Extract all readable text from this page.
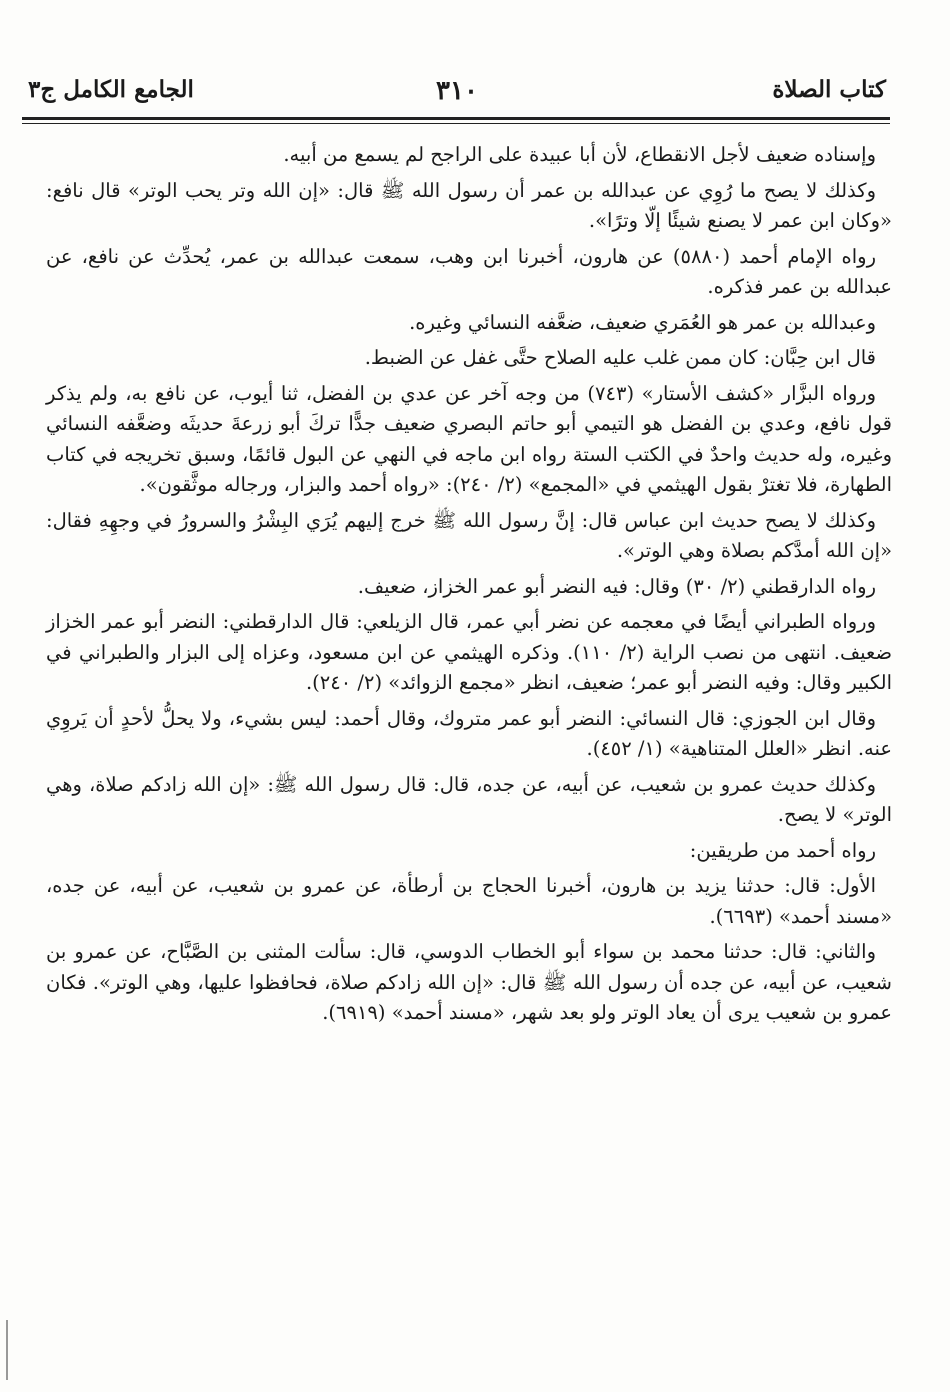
كتاب الصلاة
٣١٠
الجامع الكامل ج٣

وإسناده ضعيف لأجل الانقطاع، لأن أبا عبيدة على الراجح لم يسمع من أبيه.

وكذلك لا يصح ما رُوِي عن عبدالله بن عمر أن رسول الله ﷺ قال: «إن الله وتر يحب الوتر» قال نافع: «وكان ابن عمر لا يصنع شيئًا إلّا وترًا».

رواه الإمام أحمد (٥٨٨٠) عن هارون، أخبرنا ابن وهب، سمعت عبدالله بن عمر، يُحدِّث عن نافع، عن عبدالله بن عمر فذكره.

وعبدالله بن عمر هو العُمَري ضعيف، ضعَّفه النسائي وغيره.

قال ابن حِبَّان: كان ممن غلب عليه الصلاح حتَّى غفل عن الضبط.

ورواه البزَّار «كشف الأستار» (٧٤٣) من وجه آخر عن عدي بن الفضل، ثنا أيوب، عن نافع به، ولم يذكر قول نافع، وعدي بن الفضل هو التيمي أبو حاتم البصري ضعيف جدًّا تركَ أبو زرعةَ حديثَه وضعَّفه النسائي وغيره، وله حديث واحدٌ في الكتب الستة رواه ابن ماجه في النهي عن البول قائمًا، وسبق تخريجه في كتاب الطهارة، فلا تغترْ بقول الهيثمي في «المجمع» (٢/ ٢٤٠): «رواه أحمد والبزار، ورجاله موثَّقون».

وكذلك لا يصح حديث ابن عباس قال: إنَّ رسول الله ﷺ خرج إليهم يُرَي البِشْرُ والسرورُ في وجهِهِ فقال: «إن الله أمدَّكم بصلاة وهي الوتر».

رواه الدارقطني (٢/ ٣٠) وقال: فيه النضر أبو عمر الخزاز، ضعيف.

ورواه الطبراني أيضًا في معجمه عن نضر أبي عمر، قال الزيلعي: قال الدارقطني: النضر أبو عمر الخزاز ضعيف. انتهى من نصب الراية (٢/ ١١٠). وذكره الهيثمي عن ابن مسعود، وعزاه إلى البزار والطبراني في الكبير وقال: وفيه النضر أبو عمر؛ ضعيف، انظر «مجمع الزوائد» (٢/ ٢٤٠).

وقال ابن الجوزي: قال النسائي: النضر أبو عمر متروك، وقال أحمد: ليس بشيء، ولا يحلُّ لأحدٍ أن يَروِي عنه. انظر «العلل المتناهية» (١/ ٤٥٢).

وكذلك حديث عمرو بن شعيب، عن أبيه، عن جده، قال: قال رسول الله ﷺ: «إن الله زادكم صلاة، وهي الوتر» لا يصح.

رواه أحمد من طريقين:

الأول: قال: حدثنا يزيد بن هارون، أخبرنا الحجاج بن أرطأة، عن عمرو بن شعيب، عن أبيه، عن جده، «مسند أحمد» (٦٦٩٣).

والثاني: قال: حدثنا محمد بن سواء أبو الخطاب الدوسي، قال: سألت المثنى بن الصَّبَّاح، عن عمرو بن شعيب، عن أبيه، عن جده أن رسول الله ﷺ قال: «إن الله زادكم صلاة، فحافظوا عليها، وهي الوتر». فكان عمرو بن شعيب يرى أن يعاد الوتر ولو بعد شهر، «مسند أحمد» (٦٩١٩).
